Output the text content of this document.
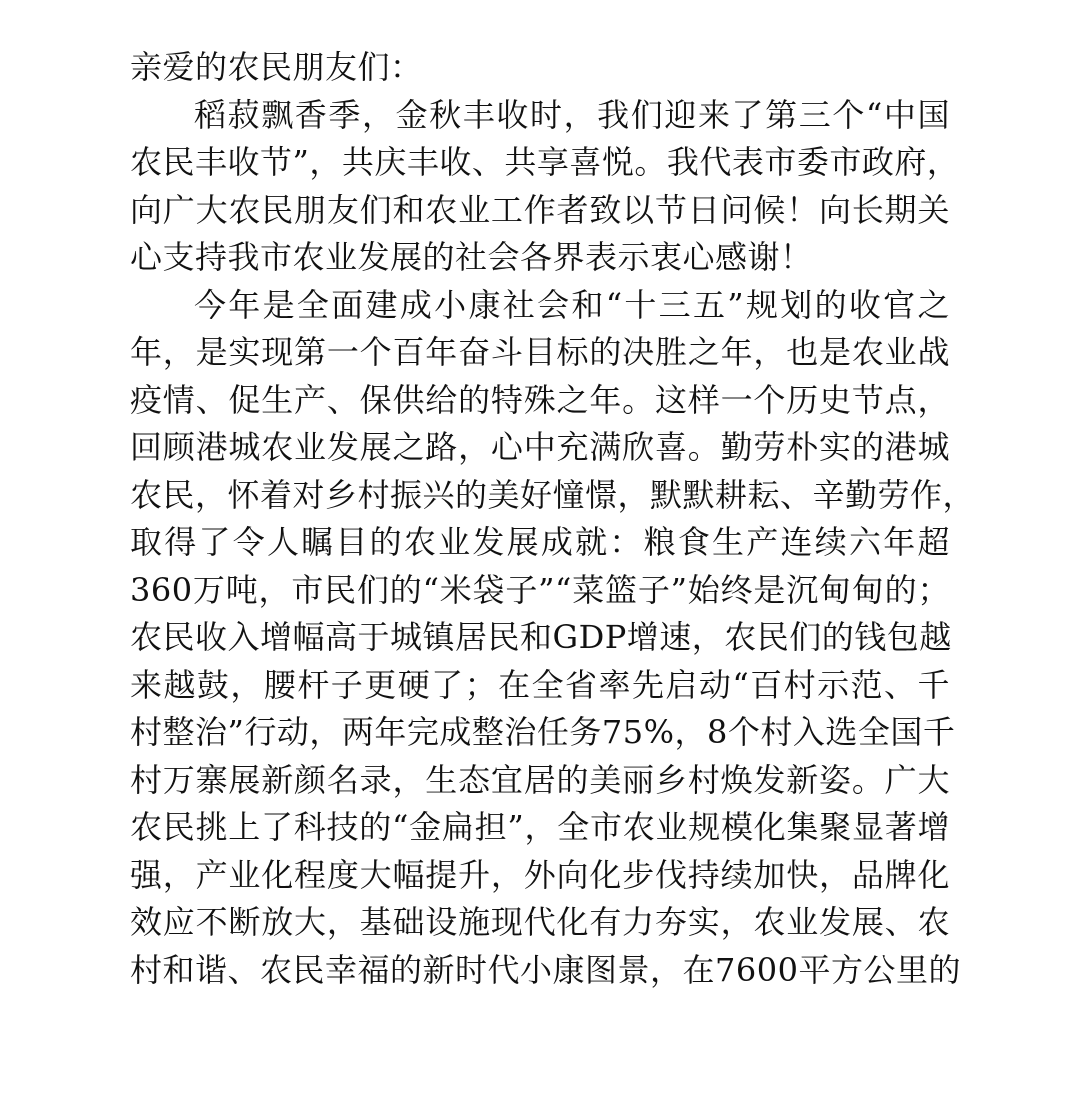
亲爱的农民朋友们：
稻菽飘香季，金秋丰收时，我们迎来了第三个“中国
农民丰收节”，共庆丰收、共享喜悦。我代表市委市政府，
向广大农民朋友们和农业工作者致以节日问候！向长期关
心支持我市农业发展的社会各界表示衷心感谢！
今年是全面建成小康社会和“十三五”规划的收官之
年，是实现第一个百年奋斗目标的决胜之年，也是农业战
疫情、促生产、保供给的特殊之年。这样一个历史节点，
回顾港城农业发展之路，心中充满欣喜。勤劳朴实的港城
农民，怀着对乡村振兴的美好憧憬，默默耕耘、辛勤劳作，
取得了令人瞩目的农业发展成就：粮食生产连续六年超
360万吨，市民们的“米袋子”“菜篮子”始终是沉甸甸的；
农民收入增幅高于城镇居民和GDP增速，农民们的钱包越
来越鼓，腰杆子更硬了；在全省率先启动“百村示范、千
村整治”行动，两年完成整治任务75%，8个村入选全国千
村万寨展新颜名录，生态宜居的美丽乡村焕发新姿。广大
农民挑上了科技的“金扁担”，全市农业规模化集聚显著增
强，产业化程度大幅提升，外向化步伐持续加快，品牌化
效应不断放大，基础设施现代化有力夯实，农业发展、农
村和谐、农民幸福的新时代小康图景，在7600平方公里的
